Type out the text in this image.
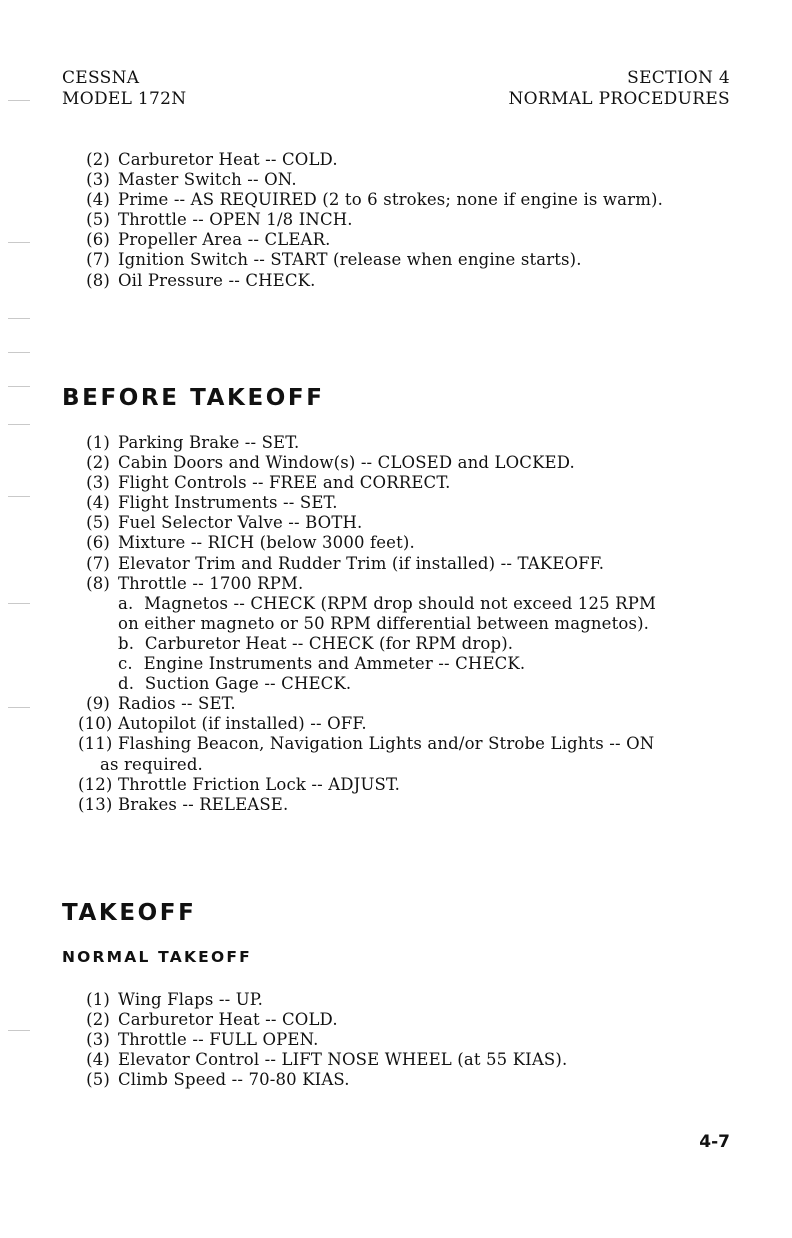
CESSNA
MODEL 172N
SECTION 4
NORMAL PROCEDURES
(2) Carburetor Heat -- COLD.
(3) Master Switch -- ON.
(4) Prime -- AS REQUIRED (2 to 6 strokes; none if engine is warm).
(5) Throttle -- OPEN 1/8 INCH.
(6) Propeller Area -- CLEAR.
(7) Ignition Switch -- START (release when engine starts).
(8) Oil Pressure -- CHECK.
BEFORE TAKEOFF
(1) Parking Brake -- SET.
(2) Cabin Doors and Window(s) -- CLOSED and LOCKED.
(3) Flight Controls -- FREE and CORRECT.
(4) Flight Instruments -- SET.
(5) Fuel Selector Valve -- BOTH.
(6) Mixture -- RICH (below 3000 feet).
(7) Elevator Trim and Rudder Trim (if installed) -- TAKEOFF.
(8) Throttle -- 1700 RPM.
a.  Magnetos -- CHECK (RPM drop should not exceed 125 RPM
on either magneto or 50 RPM differential between magnetos).
b.  Carburetor Heat -- CHECK (for RPM drop).
c.  Engine Instruments and Ammeter -- CHECK.
d.  Suction Gage -- CHECK.
(9) Radios -- SET.
(10) Autopilot (if installed) -- OFF.
(11) Flashing Beacon, Navigation Lights and/or Strobe Lights -- ON
as required.
(12) Throttle Friction Lock -- ADJUST.
(13) Brakes -- RELEASE.
TAKEOFF
NORMAL TAKEOFF
(1) Wing Flaps -- UP.
(2) Carburetor Heat -- COLD.
(3) Throttle -- FULL OPEN.
(4) Elevator Control -- LIFT NOSE WHEEL (at 55 KIAS).
(5) Climb Speed -- 70-80 KIAS.
4-7
